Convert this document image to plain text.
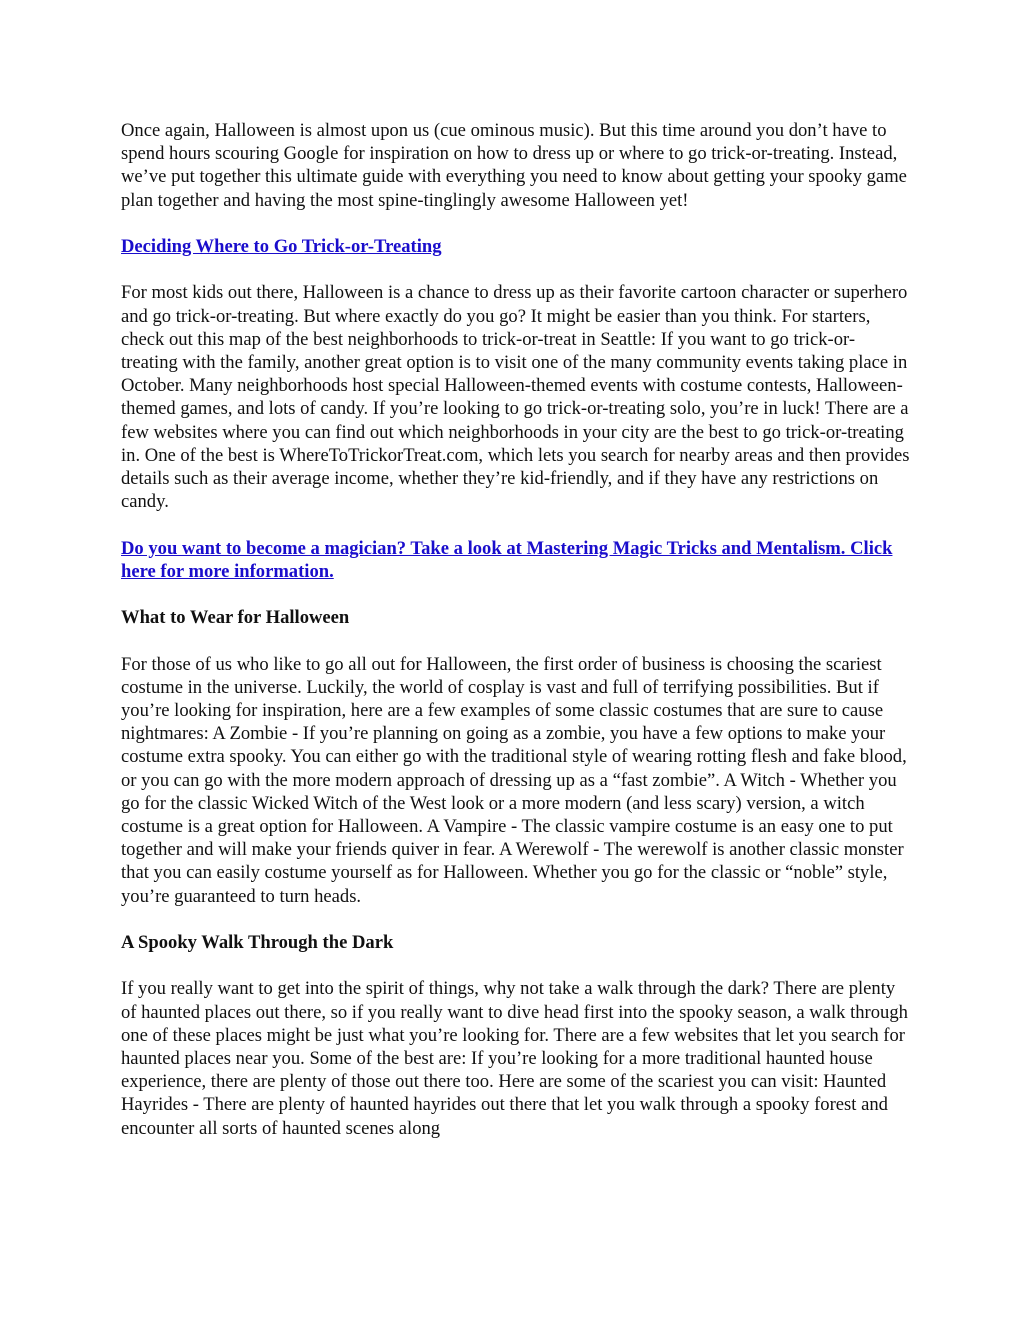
Once again, Halloween is almost upon us (cue ominous music). But this time around you don’t have to spend hours scouring Google for inspiration on how to dress up or where to go trick-or-treating. Instead, we’ve put together this ultimate guide with everything you need to know about getting your spooky game plan together and having the most spine-tinglingly awesome Halloween yet!

Deciding Where to Go Trick-or-Treating

For most kids out there, Halloween is a chance to dress up as their favorite cartoon character or superhero and go trick-or-treating. But where exactly do you go? It might be easier than you think. For starters, check out this map of the best neighborhoods to trick-or-treat in Seattle: If you want to go trick-or-treating with the family, another great option is to visit one of the many community events taking place in October. Many neighborhoods host special Halloween-themed events with costume contests, Halloween-themed games, and lots of candy. If you’re looking to go trick-or-treating solo, you’re in luck! There are a few websites where you can find out which neighborhoods in your city are the best to go trick-or-treating in. One of the best is WhereToTrickorTreat.com, which lets you search for nearby areas and then provides details such as their average income, whether they’re kid-friendly, and if they have any restrictions on candy.

Do you want to become a magician? Take a look at Mastering Magic Tricks and Mentalism. Click here for more information.

What to Wear for Halloween

For those of us who like to go all out for Halloween, the first order of business is choosing the scariest costume in the universe. Luckily, the world of cosplay is vast and full of terrifying possibilities. But if you’re looking for inspiration, here are a few examples of some classic costumes that are sure to cause nightmares: A Zombie - If you’re planning on going as a zombie, you have a few options to make your costume extra spooky. You can either go with the traditional style of wearing rotting flesh and fake blood, or you can go with the more modern approach of dressing up as a “fast zombie”. A Witch - Whether you go for the classic Wicked Witch of the West look or a more modern (and less scary) version, a witch costume is a great option for Halloween. A Vampire - The classic vampire costume is an easy one to put together and will make your friends quiver in fear. A Werewolf - The werewolf is another classic monster that you can easily costume yourself as for Halloween. Whether you go for the classic or “noble” style, you’re guaranteed to turn heads.

A Spooky Walk Through the Dark

If you really want to get into the spirit of things, why not take a walk through the dark? There are plenty of haunted places out there, so if you really want to dive head first into the spooky season, a walk through one of these places might be just what you’re looking for. There are a few websites that let you search for haunted places near you. Some of the best are: If you’re looking for a more traditional haunted house experience, there are plenty of those out there too. Here are some of the scariest you can visit: Haunted Hayrides - There are plenty of haunted hayrides out there that let you walk through a spooky forest and encounter all sorts of haunted scenes along
